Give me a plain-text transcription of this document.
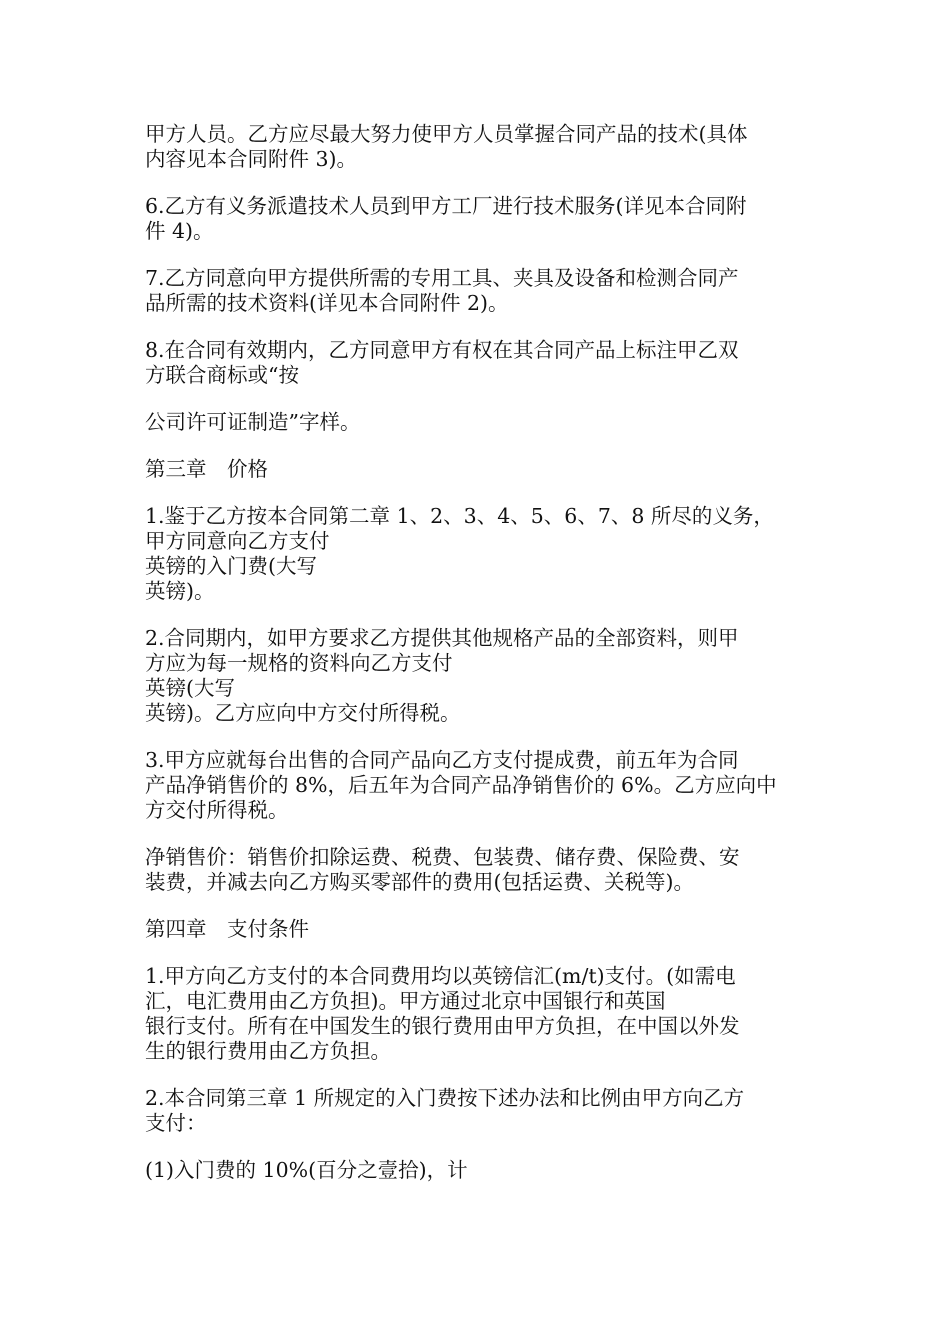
甲方人员。乙方应尽最大努力使甲方人员掌握合同产品的技术(具体
内容见本合同附件 3)。

6.乙方有义务派遣技术人员到甲方工厂进行技术服务(详见本合同附
件 4)。

7.乙方同意向甲方提供所需的专用工具、夹具及设备和检测合同产
品所需的技术资料(详见本合同附件 2)。

8.在合同有效期内，乙方同意甲方有权在其合同产品上标注甲乙双
方联合商标或“按

公司许可证制造”字样。

第三章　价格

1.鉴于乙方按本合同第二章 1、2、3、4、5、6、7、8 所尽的义务，
甲方同意向乙方支付
英镑的入门费(大写
英镑)。

2.合同期内，如甲方要求乙方提供其他规格产品的全部资料，则甲
方应为每一规格的资料向乙方支付
英镑(大写
英镑)。乙方应向中方交付所得税。

3.甲方应就每台出售的合同产品向乙方支付提成费，前五年为合同
产品净销售价的 8%，后五年为合同产品净销售价的 6%。乙方应向中
方交付所得税。

净销售价：销售价扣除运费、税费、包装费、储存费、保险费、安
装费，并减去向乙方购买零部件的费用(包括运费、关税等)。

第四章　支付条件

1.甲方向乙方支付的本合同费用均以英镑信汇(m/t)支付。(如需电
汇，电汇费用由乙方负担)。甲方通过北京中国银行和英国
银行支付。所有在中国发生的银行费用由甲方负担，在中国以外发
生的银行费用由乙方负担。

2.本合同第三章 1 所规定的入门费按下述办法和比例由甲方向乙方
支付：

(1)入门费的 10%(百分之壹拾)，计
